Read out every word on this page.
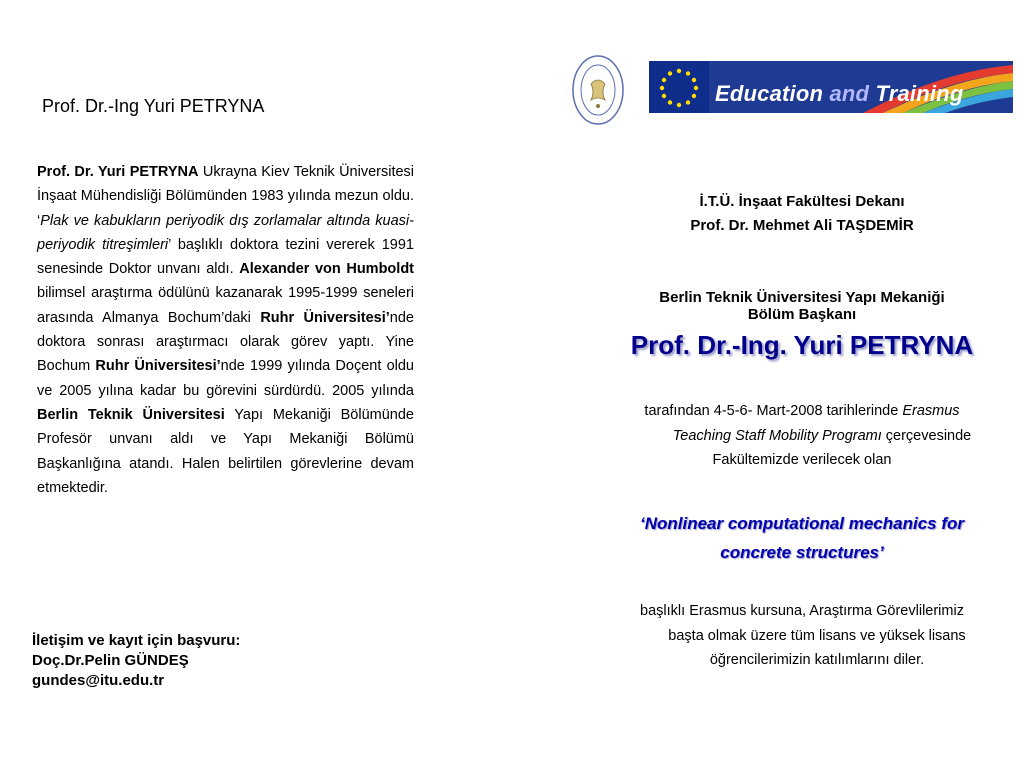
Prof. Dr.-Ing Yuri PETRYNA
Prof. Dr. Yuri PETRYNA Ukrayna Kiev Teknik Üniversitesi İnşaat Mühendisliği Bölümünden 1983 yılında mezun oldu. ‘Plak ve kabukların periyodik dış zorlamalar altında kuasi-periyodik titreşimleri’ başlıklı doktora tezini vererek 1991 senesinde Doktor unvanı aldı. Alexander von Humboldt bilimsel araştırma ödülünü kazanarak 1995-1999 seneleri arasında Almanya Bochum’daki Ruhr Üniversitesi’nde doktora sonrası araştırmacı olarak görev yaptı. Yine Bochum Ruhr Üniversitesi’nde 1999 yılında Doçent oldu ve 2005 yılına kadar bu görevini sürdürdü. 2005 yılında Berlin Teknik Üniversitesi Yapı Mekaniği Bölümünde Profesör unvanı aldı ve Yapı Mekaniği Bölümü Başkanlığına atandı. Halen belirtilen görevlerine devam etmektedir.
İletişim ve kayıt için başvuru:
Doç.Dr.Pelin GÜNDEŞ
gundes@itu.edu.tr
Education and Training
İ.T.Ü. İnşaat Fakültesi Dekanı
Prof. Dr. Mehmet Ali TAŞDEMİR
Berlin Teknik Üniversitesi Yapı Mekaniği
Bölüm Başkanı
Prof. Dr.-Ing. Yuri PETRYNA
tarafından 4-5-6- Mart-2008 tarihlerinde Erasmus
Teaching Staff Mobility Programı çerçevesinde
Fakültemizde verilecek olan
‘Nonlinear computational mechanics for
concrete structures’
başlıklı Erasmus kursuna, Araştırma Görevlilerimiz
başta olmak üzere tüm lisans ve yüksek lisans
öğrencilerimizin katılımlarını diler.
